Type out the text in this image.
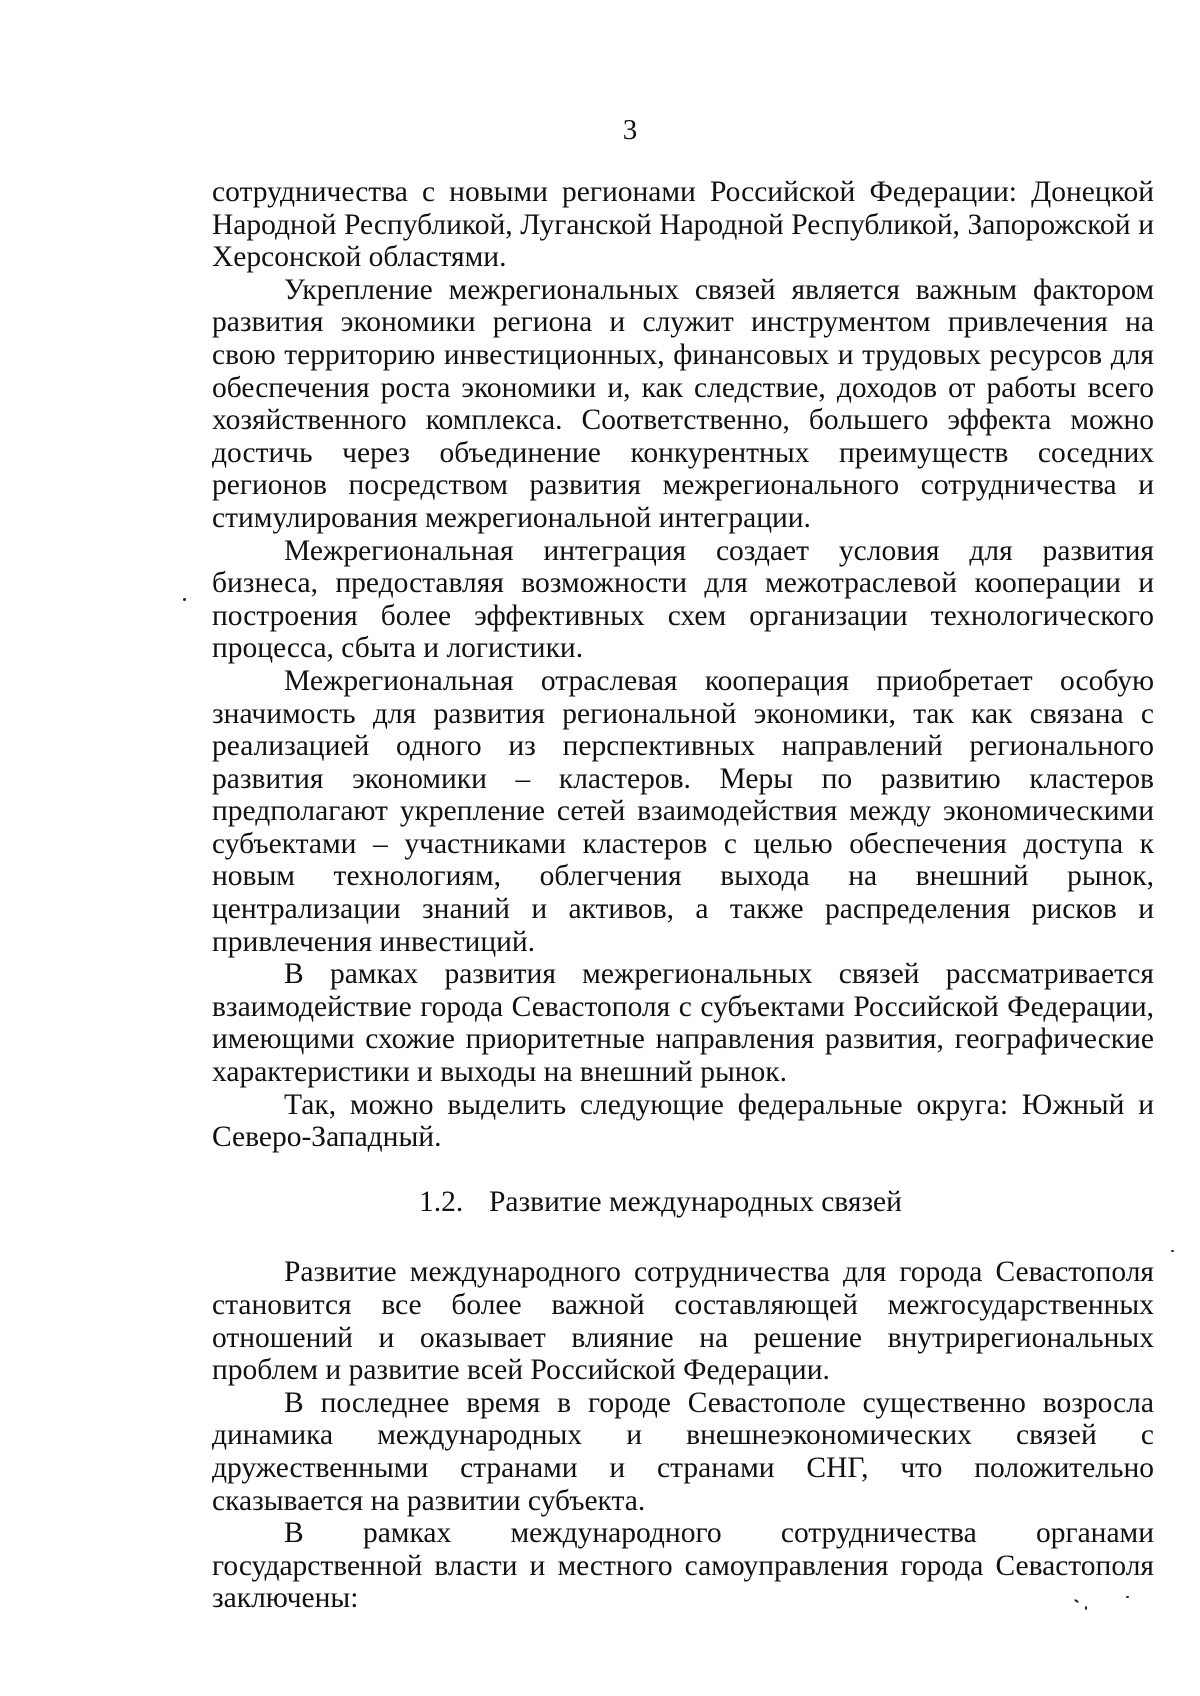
3

сотрудничества с новыми регионами Российской Федерации: Донецкой Народной Республикой, Луганской Народной Республикой, Запорожской и Херсонской областями.

Укрепление межрегиональных связей является важным фактором развития экономики региона и служит инструментом привлечения на свою территорию инвестиционных, финансовых и трудовых ресурсов для обеспечения роста экономики и, как следствие, доходов от работы всего хозяйственного комплекса. Соответственно, большего эффекта можно достичь через объединение конкурентных преимуществ соседних регионов посредством развития межрегионального сотрудничества и стимулирования межрегиональной интеграции.

Межрегиональная интеграция создает условия для развития бизнеса, предоставляя возможности для межотраслевой кооперации и построения более эффективных схем организации технологического процесса, сбыта и логистики.

Межрегиональная отраслевая кооперация приобретает особую значимость для развития региональной экономики, так как связана с реализацией одного из перспективных направлений регионального развития экономики – кластеров. Меры по развитию кластеров предполагают укрепление сетей взаимодействия между экономическими субъектами – участниками кластеров с целью обеспечения доступа к новым технологиям, облегчения выхода на внешний рынок, централизации знаний и активов, а также распределения рисков и привлечения инвестиций.

В рамках развития межрегиональных связей рассматривается взаимодействие города Севастополя с субъектами Российской Федерации, имеющими схожие приоритетные направления развития, географические характеристики и выходы на внешний рынок.

Так, можно выделить следующие федеральные округа: Южный и Северо-Западный.

1.2. Развитие международных связей

Развитие международного сотрудничества для города Севастополя становится все более важной составляющей межгосударственных отношений и оказывает влияние на решение внутрирегиональных проблем и развитие всей Российской Федерации.

В последнее время в городе Севастополе существенно возросла динамика международных и внешнеэкономических связей с дружественными странами и странами СНГ, что положительно сказывается на развитии субъекта.

В рамках международного сотрудничества органами государственной власти и местного самоуправления города Севастополя заключены:
